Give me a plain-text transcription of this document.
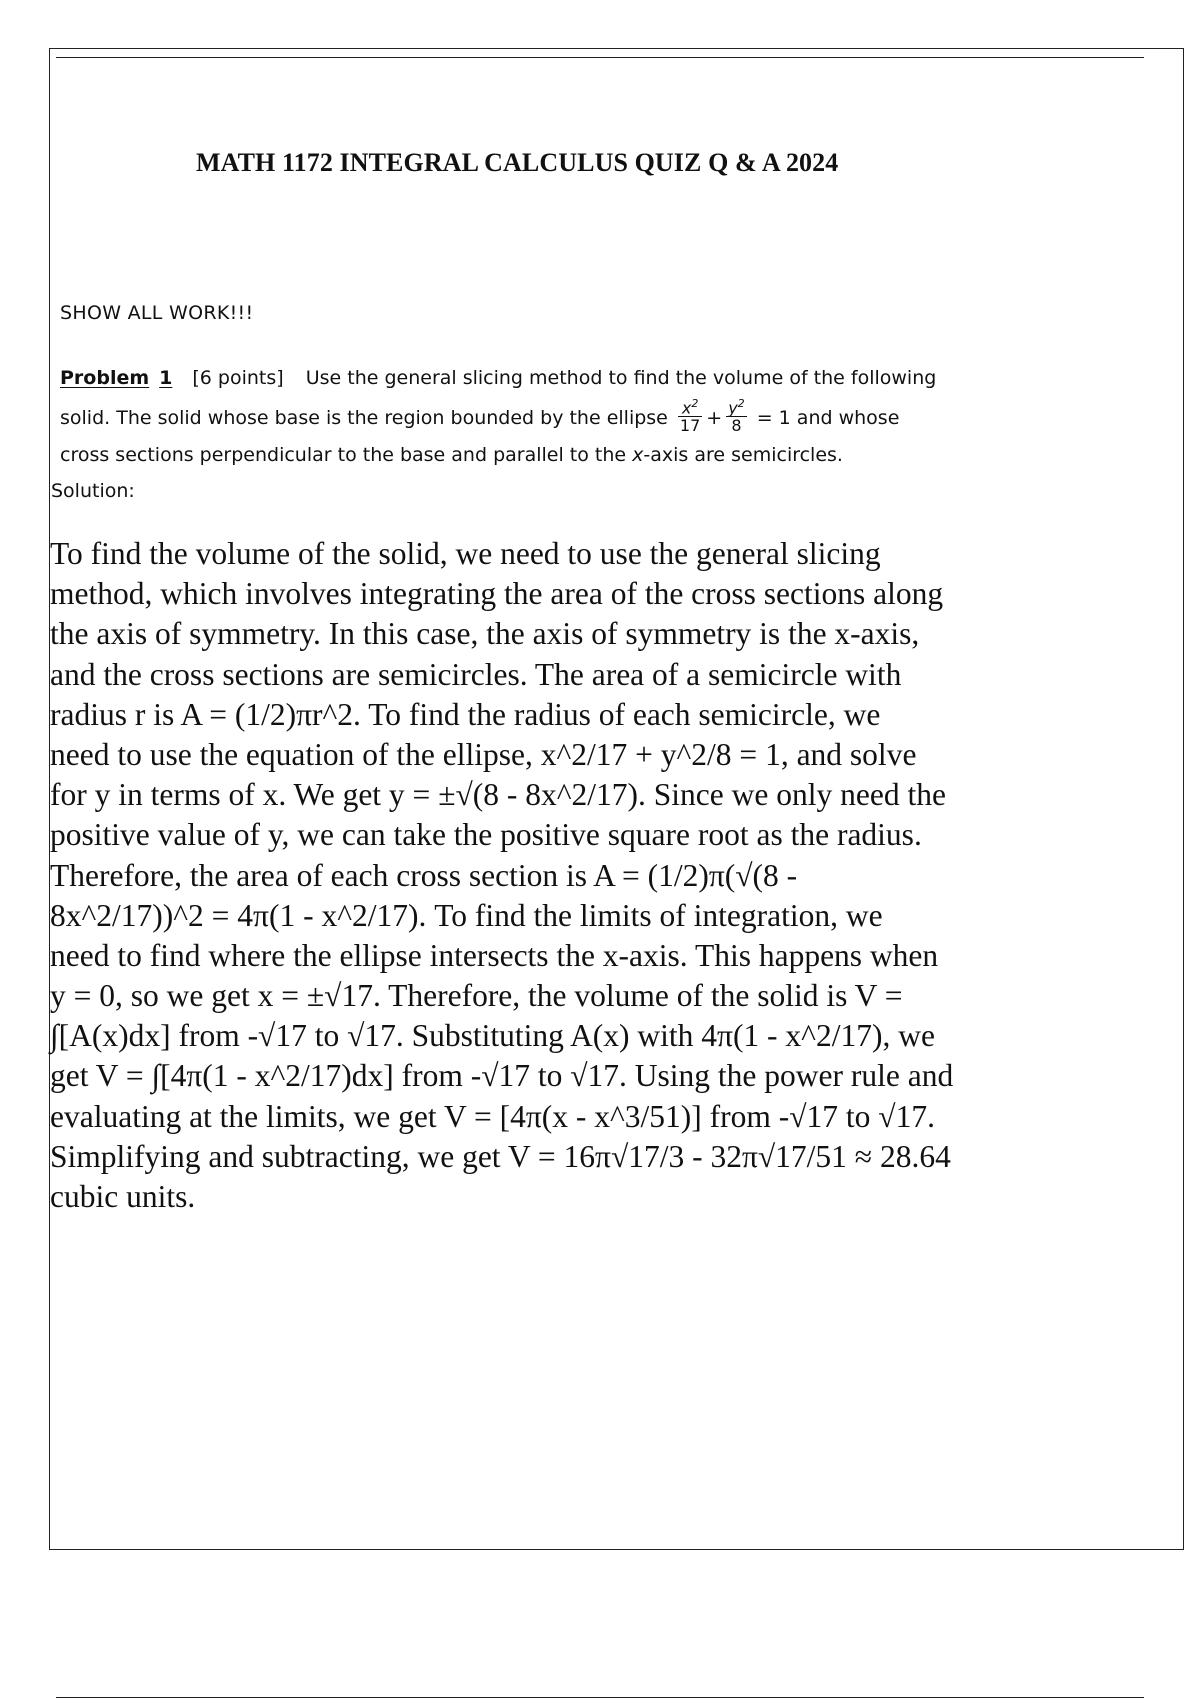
MATH 1172 INTEGRAL CALCULUS QUIZ Q & A 2024
SHOW ALL WORK!!!
Problem 1 [6 points] Use the general slicing method to find the volume of the following
solid. The solid whose base is the region bounded by the ellipse $\frac{x^2}{17} + \frac{y^2}{8} = 1$ and whose
cross sections perpendicular to the base and parallel to the x-axis are semicircles.
Solution:
To find the volume of the solid, we need to use the general slicing
method, which involves integrating the area of the cross sections along
the axis of symmetry. In this case, the axis of symmetry is the x-axis,
and the cross sections are semicircles. The area of a semicircle with
radius r is A = (1/2)πr^2. To find the radius of each semicircle, we
need to use the equation of the ellipse, x^2/17 + y^2/8 = 1, and solve
for y in terms of x. We get y = ±√(8 - 8x^2/17). Since we only need the
positive value of y, we can take the positive square root as the radius.
Therefore, the area of each cross section is A = (1/2)π(√(8 -
8x^2/17))^2 = 4π(1 - x^2/17). To find the limits of integration, we
need to find where the ellipse intersects the x-axis. This happens when
y = 0, so we get x = ±√17. Therefore, the volume of the solid is V =
∫[A(x)dx] from -√17 to √17. Substituting A(x) with 4π(1 - x^2/17), we
get V = ∫[4π(1 - x^2/17)dx] from -√17 to √17. Using the power rule and
evaluating at the limits, we get V = [4π(x - x^3/51)] from -√17 to √17.
Simplifying and subtracting, we get V = 16π√17/3 - 32π√17/51 ≈ 28.64
cubic units.
